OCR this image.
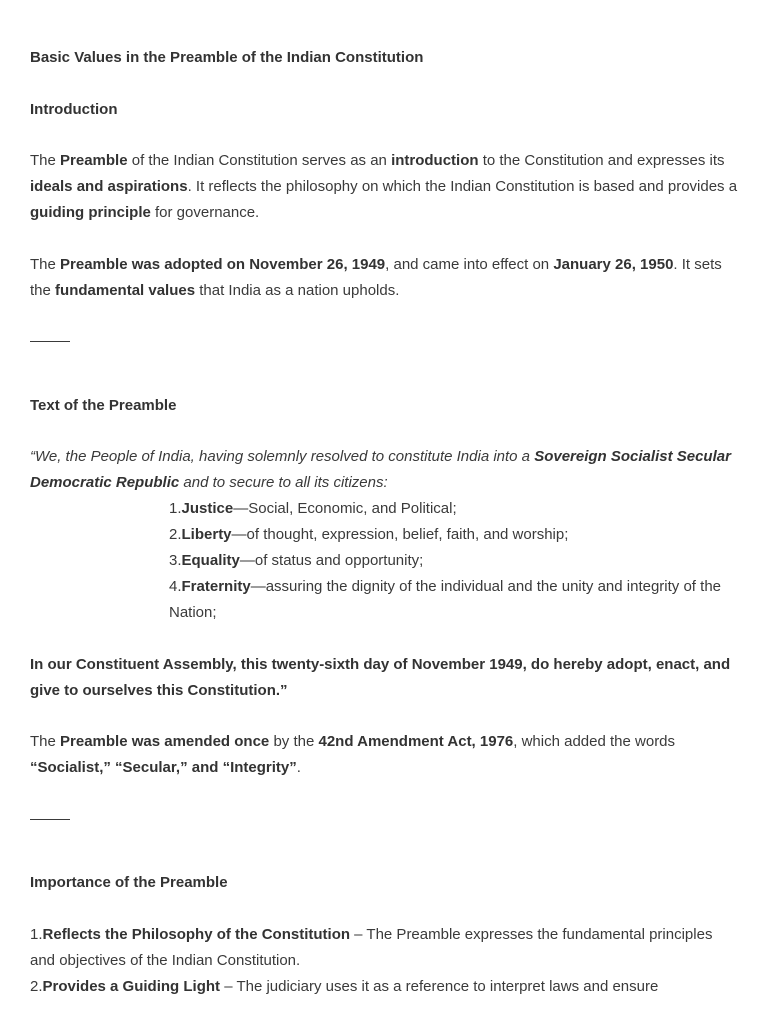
Basic Values in the Preamble of the Indian Constitution

Introduction

The Preamble of the Indian Constitution serves as an introduction to the Constitution and expresses its ideals and aspirations. It reflects the philosophy on which the Indian Constitution is based and provides a guiding principle for governance.

The Preamble was adopted on November 26, 1949, and came into effect on January 26, 1950. It sets the fundamental values that India as a nation upholds.

Text of the Preamble

“We, the People of India, having solemnly resolved to constitute India into a Sovereign Socialist Secular Democratic Republic and to secure to all its citizens:

1.Justice—Social, Economic, and Political;
2.Liberty—of thought, expression, belief, faith, and worship;
3.Equality—of status and opportunity;
4.Fraternity—assuring the dignity of the individual and the unity and integrity of the Nation;

In our Constituent Assembly, this twenty-sixth day of November 1949, do hereby adopt, enact, and give to ourselves this Constitution.”

The Preamble was amended once by the 42nd Amendment Act, 1976, which added the words “Socialist,” “Secular,” and “Integrity”.

Importance of the Preamble

1.Reflects the Philosophy of the Constitution – The Preamble expresses the fundamental principles and objectives of the Indian Constitution.
2.Provides a Guiding Light – The judiciary uses it as a reference to interpret laws and ensure
